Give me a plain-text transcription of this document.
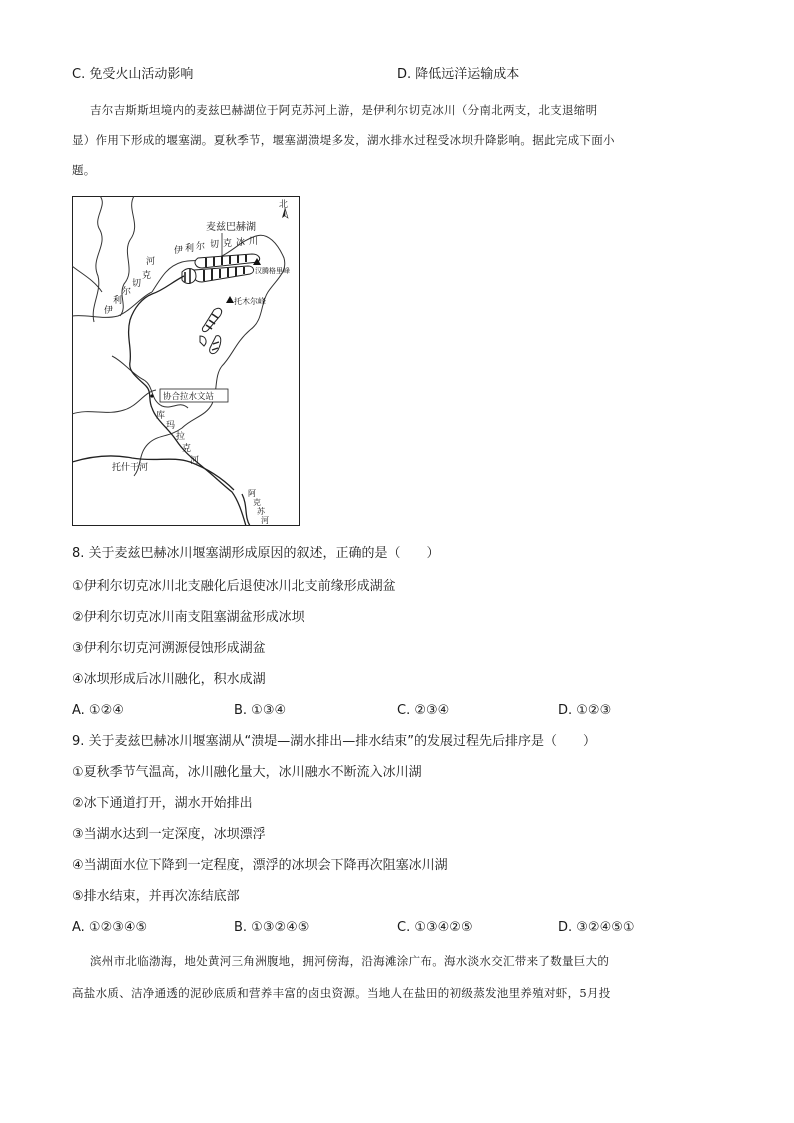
C. 免受火山活动影响	D. 降低远洋运输成本
吉尔吉斯斯坦境内的麦兹巴赫湖位于阿克苏河上游，是伊利尔切克冰川（分南北两支，北支退缩明
显）作用下形成的堰塞湖。夏秋季节，堰塞湖溃堤多发，湖水排水过程受冰坝升降影响。据此完成下面小
题。
北
协合拉水文站
麦兹巴赫湖
伊 利 尔 切 克 冰 川
汉腾格里峰
托木尔峰
克
切
尔
利
伊
河
库
玛
拉
克
河
托什干河
阿
克
苏
河
8. 关于麦兹巴赫冰川堰塞湖形成原因的叙述，正确的是（　　）
①伊利尔切克冰川北支融化后退使冰川北支前缘形成湖盆
②伊利尔切克冰川南支阻塞湖盆形成冰坝
③伊利尔切克河溯源侵蚀形成湖盆
④冰坝形成后冰川融化，积水成湖
A. ①②④	B. ①③④	C. ②③④	D. ①②③
9. 关于麦兹巴赫冰川堰塞湖从“溃堤—湖水排出—排水结束”的发展过程先后排序是（　　）
①夏秋季节气温高，冰川融化量大，冰川融水不断流入冰川湖
②冰下通道打开，湖水开始排出
③当湖水达到一定深度，冰坝漂浮
④当湖面水位下降到一定程度，漂浮的冰坝会下降再次阻塞冰川湖
⑤排水结束，并再次冻结底部
A. ①②③④⑤	B. ①③②④⑤	C. ①③④②⑤	D. ③②④⑤①
滨州市北临渤海，地处黄河三角洲腹地，拥河傍海，沿海滩涂广布。海水淡水交汇带来了数量巨大的
高盐水质、洁净通透的泥砂底质和营养丰富的卤虫资源。当地人在盐田的初级蒸发池里养殖对虾，5月投
